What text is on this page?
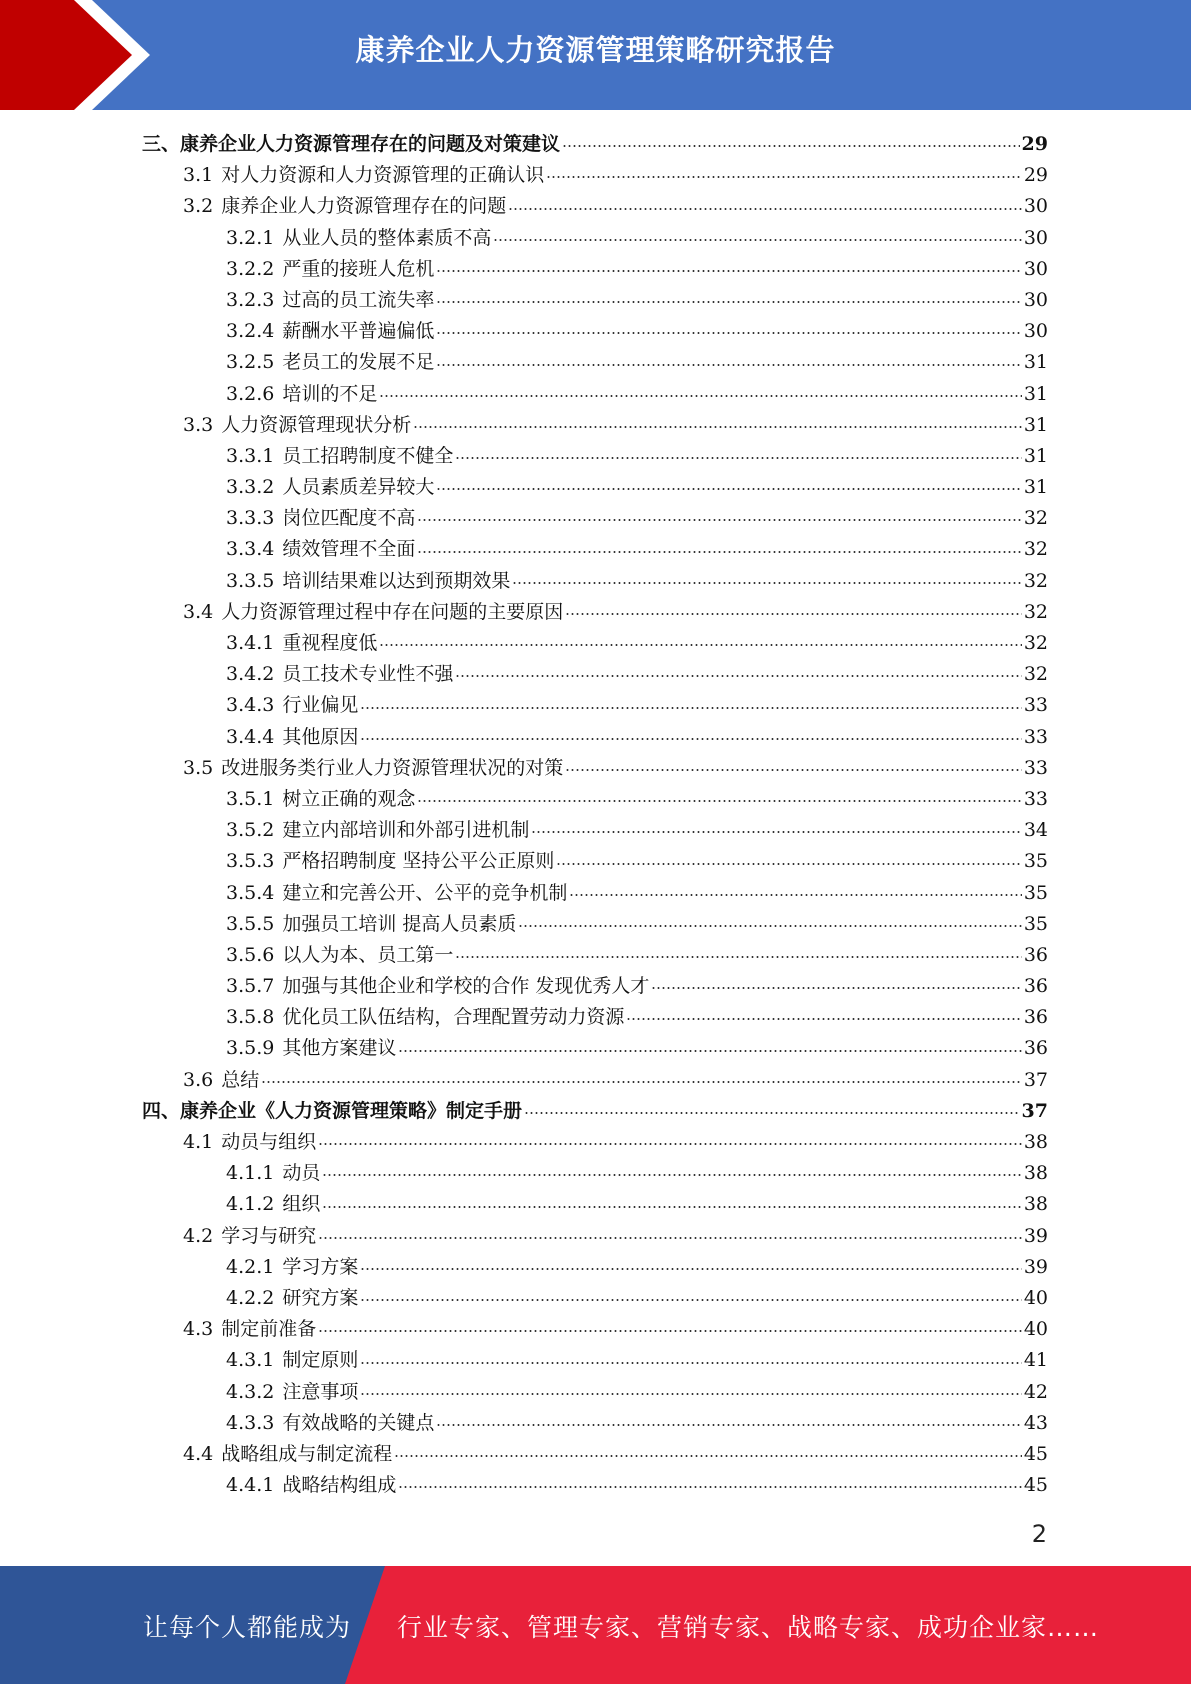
康养企业人力资源管理策略研究报告
三、 康养企业人力资源管理存在的问题及对策建议	29
3.1 对人力资源和人力资源管理的正确认识	29
3.2 康养企业人力资源管理存在的问题	30
3.2.1 从业人员的整体素质不高	30
3.2.2 严重的接班人危机	30
3.2.3 过高的员工流失率	30
3.2.4 薪酬水平普遍偏低	30
3.2.5 老员工的发展不足	31
3.2.6 培训的不足	31
3.3 人力资源管理现状分析	31
3.3.1 员工招聘制度不健全	31
3.3.2 人员素质差异较大	31
3.3.3 岗位匹配度不高	32
3.3.4 绩效管理不全面	32
3.3.5 培训结果难以达到预期效果	32
3.4 人力资源管理过程中存在问题的主要原因	32
3.4.1 重视程度低	32
3.4.2 员工技术专业性不强	32
3.4.3 行业偏见	33
3.4.4 其他原因	33
3.5 改进服务类行业人力资源管理状况的对策	33
3.5.1 树立正确的观念	33
3.5.2 建立内部培训和外部引进机制	34
3.5.3 严格招聘制度 坚持公平公正原则	35
3.5.4 建立和完善公开、公平的竞争机制	35
3.5.5 加强员工培训 提高人员素质	35
3.5.6 以人为本、员工第一	36
3.5.7 加强与其他企业和学校的合作 发现优秀人才	36
3.5.8 优化员工队伍结构，合理配置劳动力资源	36
3.5.9 其他方案建议	36
3.6 总结	37
四、 康养企业《人力资源管理策略》制定手册	37
4.1 动员与组织	38
4.1.1 动员	38
4.1.2 组织	38
4.2 学习与研究	39
4.2.1 学习方案	39
4.2.2 研究方案	40
4.3 制定前准备	40
4.3.1 制定原则	41
4.3.2 注意事项	42
4.3.3 有效战略的关键点	43
4.4 战略组成与制定流程	45
4.4.1 战略结构组成	45
2
让每个人都能成为 行业专家、管理专家、营销专家、战略专家、成功企业家……
